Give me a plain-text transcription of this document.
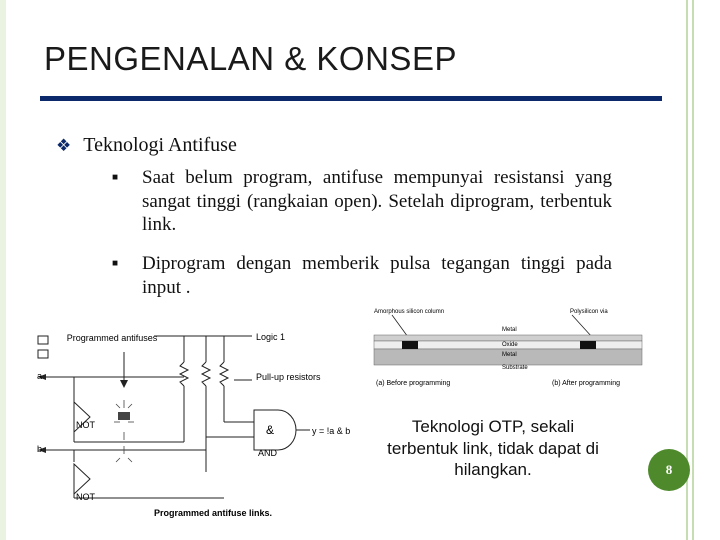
PENGENALAN & KONSEP
❖ Teknologi Antifuse
■ Saat belum program, antifuse mempunyai resistansi yang sangat tinggi (rangkaian open). Setelah diprogram, terbentuk link.
■ Diprogram dengan memberik pulsa tegangan tinggi pada input .
Programmed antifuses	Logic 1
a
b
NOT
NOT
Pull-up resistors
&
AND
y = !a & b
Programmed antifuse links.
Amorphous silicon column	Polysilicon via
Metal
Oxide
Metal
Substrate
(a) Before programming	(b) After programming
Teknologi OTP, sekali terbentuk link, tidak dapat di hilangkan.	8
